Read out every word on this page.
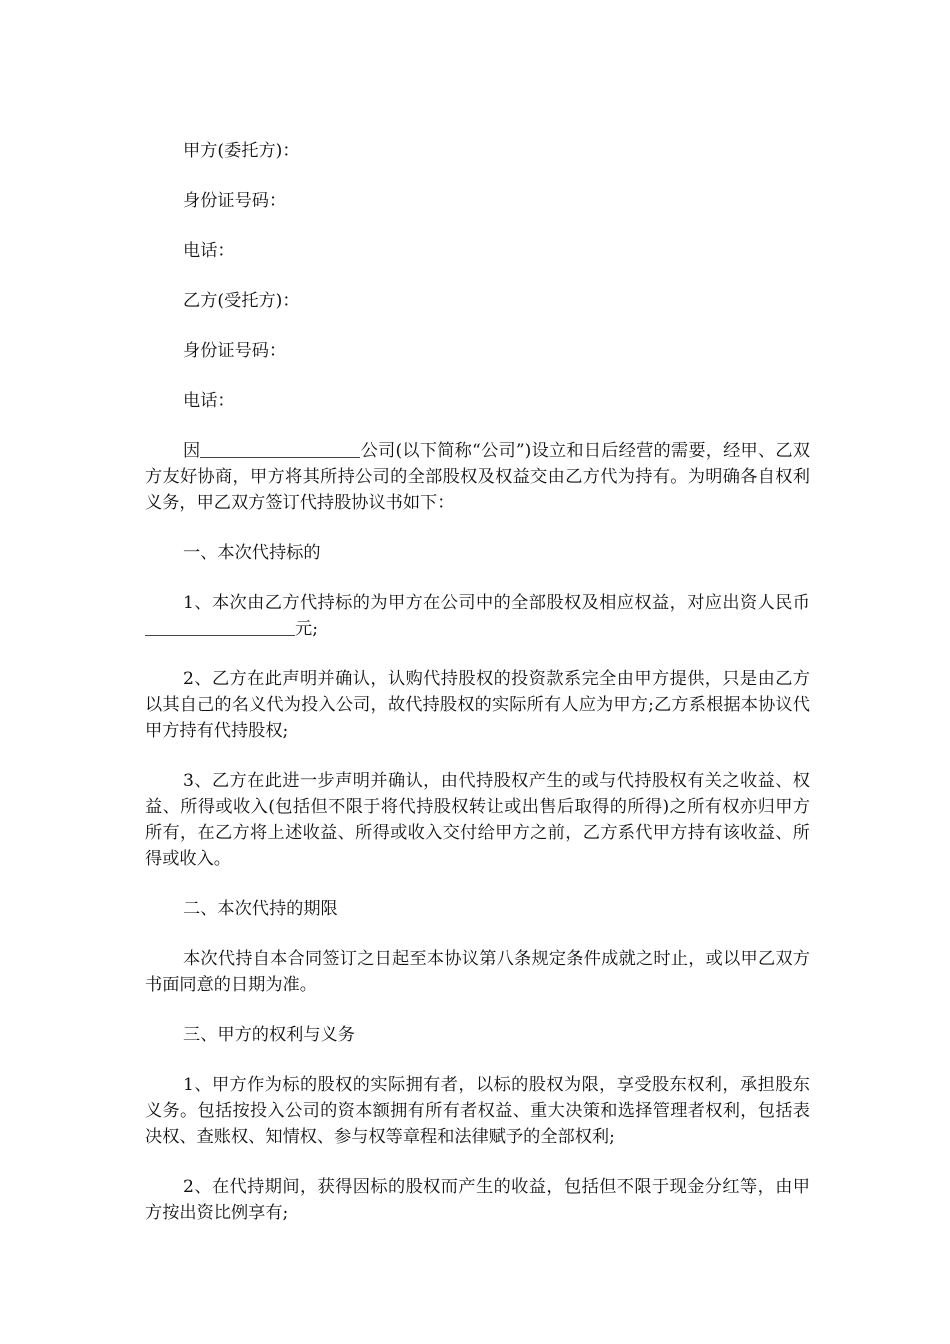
甲方(委托方)：

身份证号码：

电话：

乙方(受托方)：

身份证号码：

电话：

因	公司(以下简称“公司”)设立和日后经营的需要，经甲、乙双方友好协商，甲方将其所持公司的全部股权及权益交由乙方代为持有。为明确各自权利义务，甲乙双方签订代持股协议书如下：

一、本次代持标的

1、本次由乙方代持标的为甲方在公司中的全部股权及相应权益，对应出资人民币元;

2、乙方在此声明并确认，认购代持股权的投资款系完全由甲方提供，只是由乙方以其自己的名义代为投入公司，故代持股权的实际所有人应为甲方;乙方系根据本协议代甲方持有代持股权;

3、乙方在此进一步声明并确认，由代持股权产生的或与代持股权有关之收益、权益、所得或收入(包括但不限于将代持股权转让或出售后取得的所得)之所有权亦归甲方所有，在乙方将上述收益、所得或收入交付给甲方之前，乙方系代甲方持有该收益、所得或收入。

二、本次代持的期限

本次代持自本合同签订之日起至本协议第八条规定条件成就之时止，或以甲乙双方书面同意的日期为准。

三、甲方的权利与义务

1、甲方作为标的股权的实际拥有者，以标的股权为限，享受股东权利，承担股东义务。包括按投入公司的资本额拥有所有者权益、重大决策和选择管理者权利，包括表决权、查账权、知情权、参与权等章程和法律赋予的全部权利;

2、在代持期间，获得因标的股权而产生的收益，包括但不限于现金分红等，由甲方按出资比例享有;
